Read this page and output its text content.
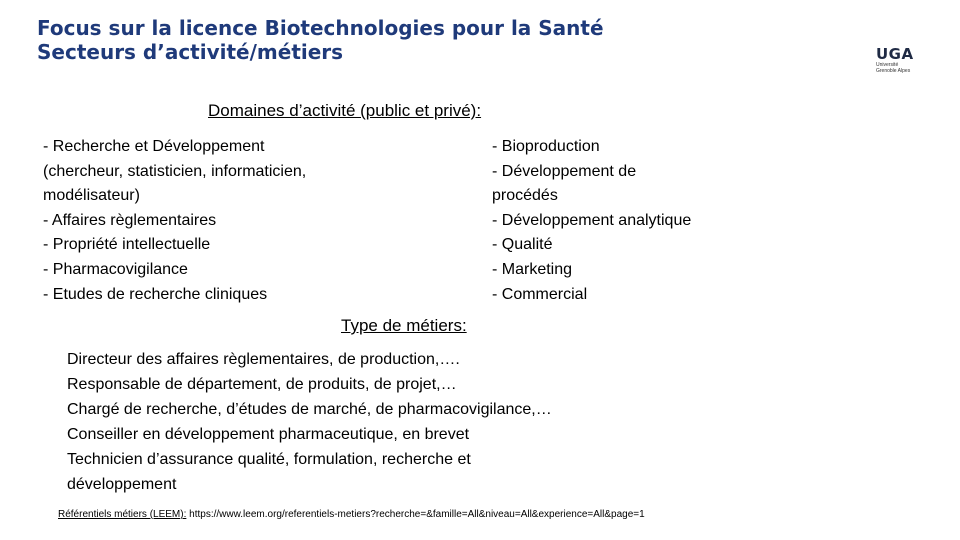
Focus sur la licence Biotechnologies pour la Santé
Secteurs d’activité/métiers	UGA
Université
Grenoble Alpes
Domaines d’activité (public et privé):
- Recherche et Développement
(chercheur, statisticien, informaticien,
modélisateur)
- Affaires règlementaires
- Propriété intellectuelle
- Pharmacovigilance
- Etudes de recherche cliniques
- Bioproduction
- Développement de
procédés
- Développement analytique
- Qualité
- Marketing
- Commercial
Type de métiers:
Directeur des affaires règlementaires, de production,….
Responsable de département, de produits, de projet,…
Chargé de recherche, d’études de marché, de pharmacovigilance,…
Conseiller en développement pharmaceutique, en brevet
Technicien d’assurance qualité, formulation, recherche et
développement
Référentiels métiers (LEEM): https://www.leem.org/referentiels-metiers?recherche=&famille=All&niveau=All&experience=All&page=1
